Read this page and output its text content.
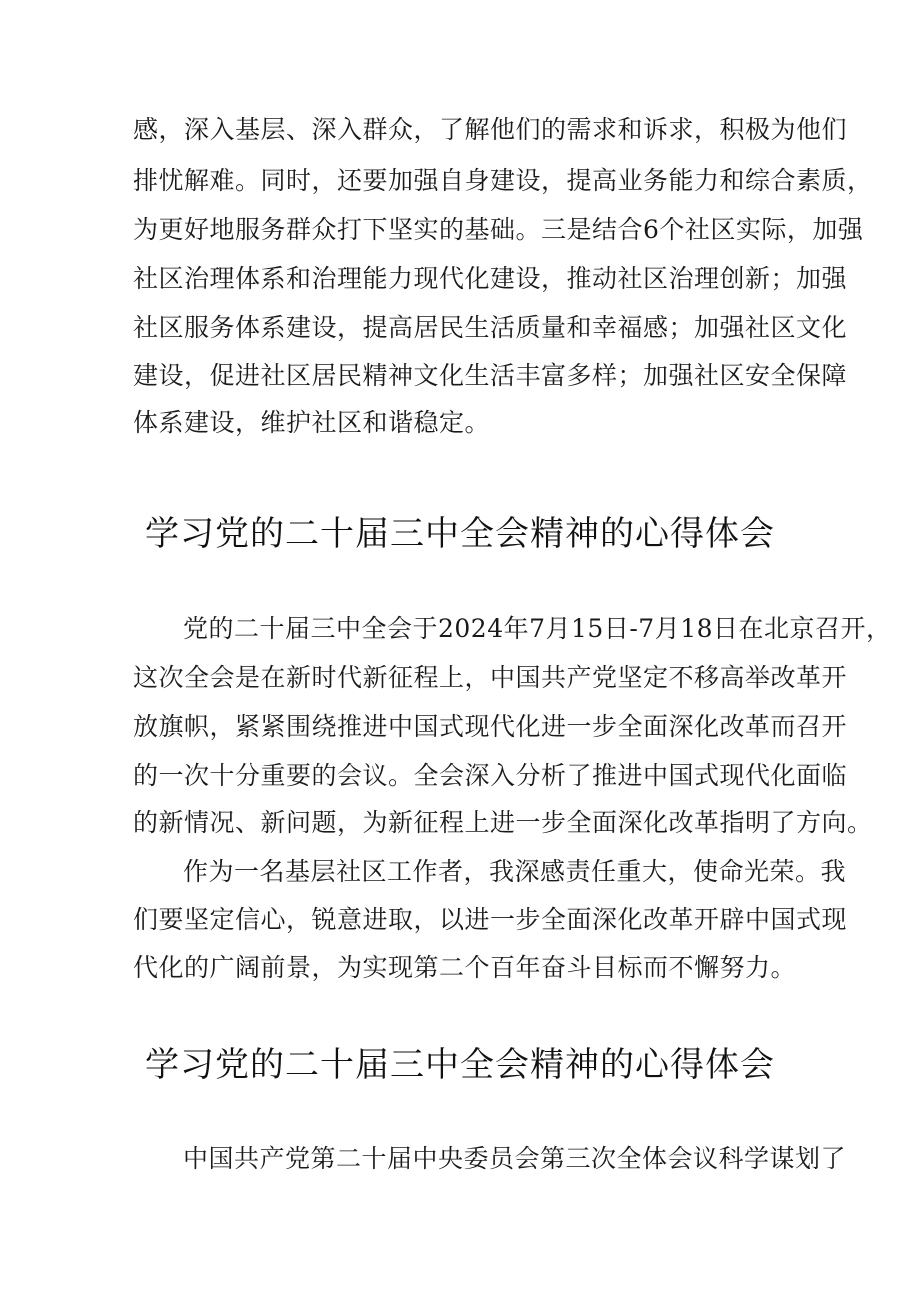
感，深入基层、深入群众，了解他们的需求和诉求，积极为他们
排忧解难。同时，还要加强自身建设，提高业务能力和综合素质，
为更好地服务群众打下坚实的基础。三是结合6个社区实际，加强
社区治理体系和治理能力现代化建设，推动社区治理创新；加强
社区服务体系建设，提高居民生活质量和幸福感；加强社区文化
建设，促进社区居民精神文化生活丰富多样；加强社区安全保障
体系建设，维护社区和谐稳定。
学习党的二十届三中全会精神的心得体会
党的二十届三中全会于2024年7月15日-7月18日在北京召开，
这次全会是在新时代新征程上，中国共产党坚定不移高举改革开
放旗帜，紧紧围绕推进中国式现代化进一步全面深化改革而召开
的一次十分重要的会议。全会深入分析了推进中国式现代化面临
的新情况、新问题，为新征程上进一步全面深化改革指明了方向。
作为一名基层社区工作者，我深感责任重大，使命光荣。我
们要坚定信心，锐意进取，以进一步全面深化改革开辟中国式现
代化的广阔前景，为实现第二个百年奋斗目标而不懈努力。
学习党的二十届三中全会精神的心得体会
中国共产党第二十届中央委员会第三次全体会议科学谋划了
